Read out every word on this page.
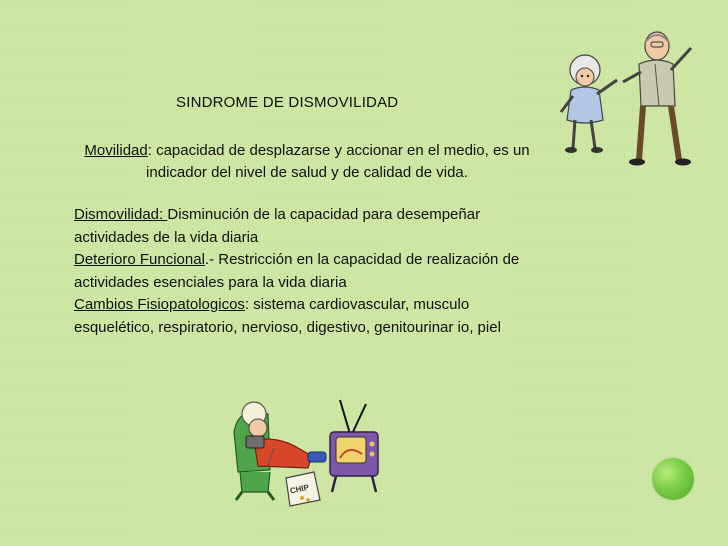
SINDROME DE DISMOVILIDAD
Movilidad: capacidad de desplazarse y accionar en el medio, es un indicador del nivel de salud y de calidad de vida.
Dismovilidad: Disminución de la capacidad para desempeñar actividades de la vida diaria
Deterioro Funcional.- Restricción en la capacidad de realización de actividades esenciales para la vida diaria
Cambios Fisiopatologicos: sistema cardiovascular, musculo esquelético, respiratorio, nervioso, digestivo, genitourinar io, piel
CHIP
